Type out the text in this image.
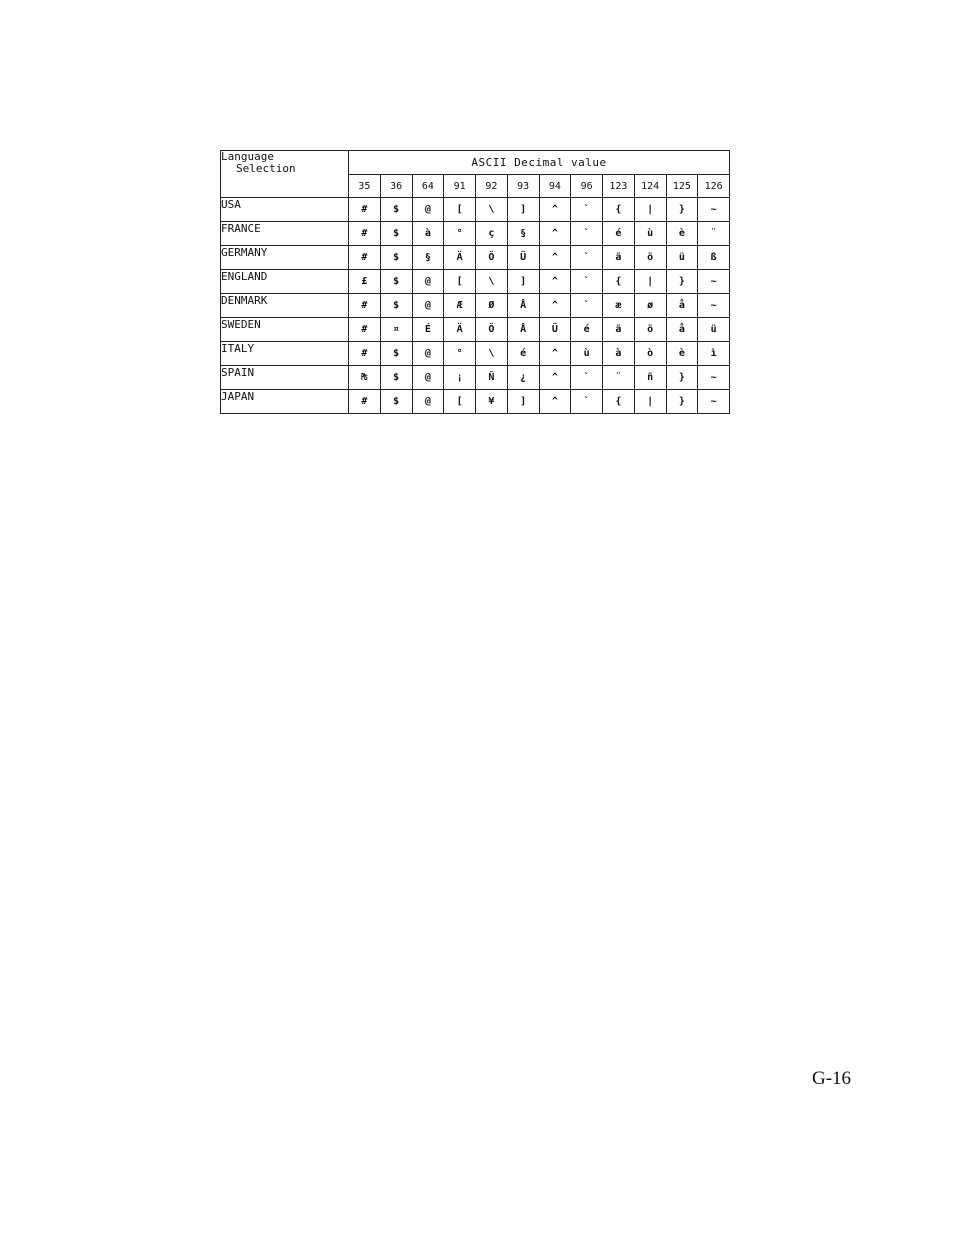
Language
Selection	ASCII Decimal value											
	35	36	64	91	92	93	94	96	123	124	125	126
USA	#	$	@	[	\	]	^	`	{	|	}	~
FRANCE	#	$	à	°	ç	§	^	`	é	ù	è	¨
GERMANY	#	$	§	Ä	Ö	Ü	^	`	ä	ö	ü	ß
ENGLAND	£	$	@	[	\	]	^	`	{	|	}	~
DENMARK	#	$	@	Æ	Ø	Å	^	`	æ	ø	å	~
SWEDEN	#	¤	É	Ä	Ö	Å	Ü	é	ä	ö	å	ü
ITALY	#	$	@	°	\	é	^	ù	à	ò	è	ì
SPAIN	₧	$	@	¡	Ñ	¿	^	`	¨	ñ	}	~
JAPAN	#	$	@	[	¥	]	^	`	{	|	}	~
G-16
